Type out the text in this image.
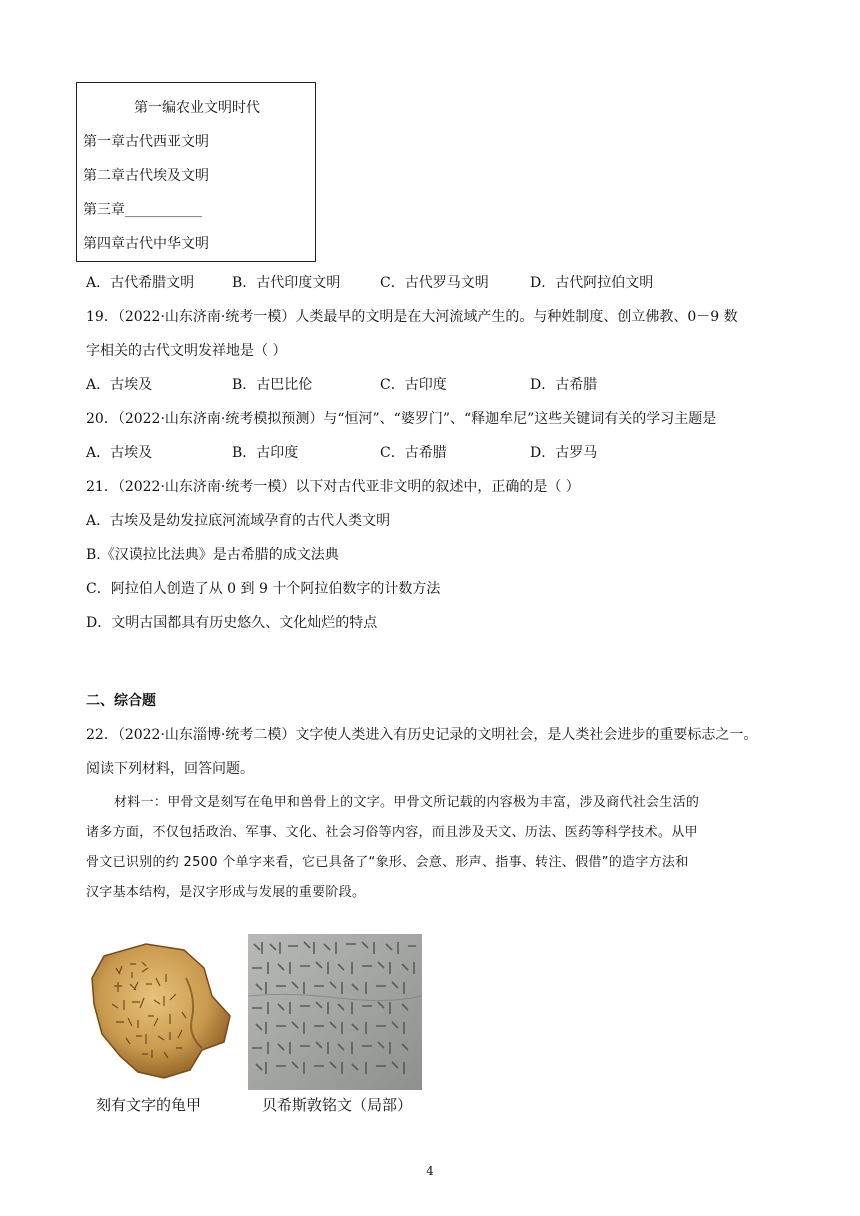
第一编农业文明时代
第一章古代西亚文明
第二章古代埃及文明
第三章___________
第四章古代中华文明
A．古代希腊文明	B．古代印度文明	C．古代罗马文明	D．古代阿拉伯文明
19．（2022·山东济南·统考一模）人类最早的文明是在大河流域产生的。与种姓制度、创立佛教、0－9 数
字相关的古代文明发祥地是（ ）
A．古埃及	B．古巴比伦	C．古印度	D．古希腊
20．（2022·山东济南·统考模拟预测）与“恒河”、“婆罗门”、“释迦牟尼”这些关键词有关的学习主题是
A．古埃及	B．古印度	C．古希腊	D．古罗马
21．（2022·山东济南·统考一模）以下对古代亚非文明的叙述中，正确的是（ ）
A．古埃及是幼发拉底河流域孕育的古代人类文明
B.《汉谟拉比法典》是古希腊的成文法典
C．阿拉伯人创造了从 0 到 9 十个阿拉伯数字的计数方法
D．文明古国都具有历史悠久、文化灿烂的特点
二、综合题
22．（2022·山东淄博·统考二模）文字使人类进入有历史记录的文明社会，是人类社会进步的重要标志之一。
阅读下列材料，回答问题。
材料一：甲骨文是刻写在龟甲和兽骨上的文字。甲骨文所记载的内容极为丰富，涉及商代社会生活的
诸多方面，不仅包括政治、军事、文化、社会习俗等内容，而且涉及天文、历法、医药等科学技术。从甲
骨文已识别的约 2500 个单字来看，它已具备了“象形、会意、形声、指事、转注、假借”的造字方法和
汉字基本结构，是汉字形成与发展的重要阶段。
刻有文字的龟甲	贝希斯敦铭文（局部）
4
